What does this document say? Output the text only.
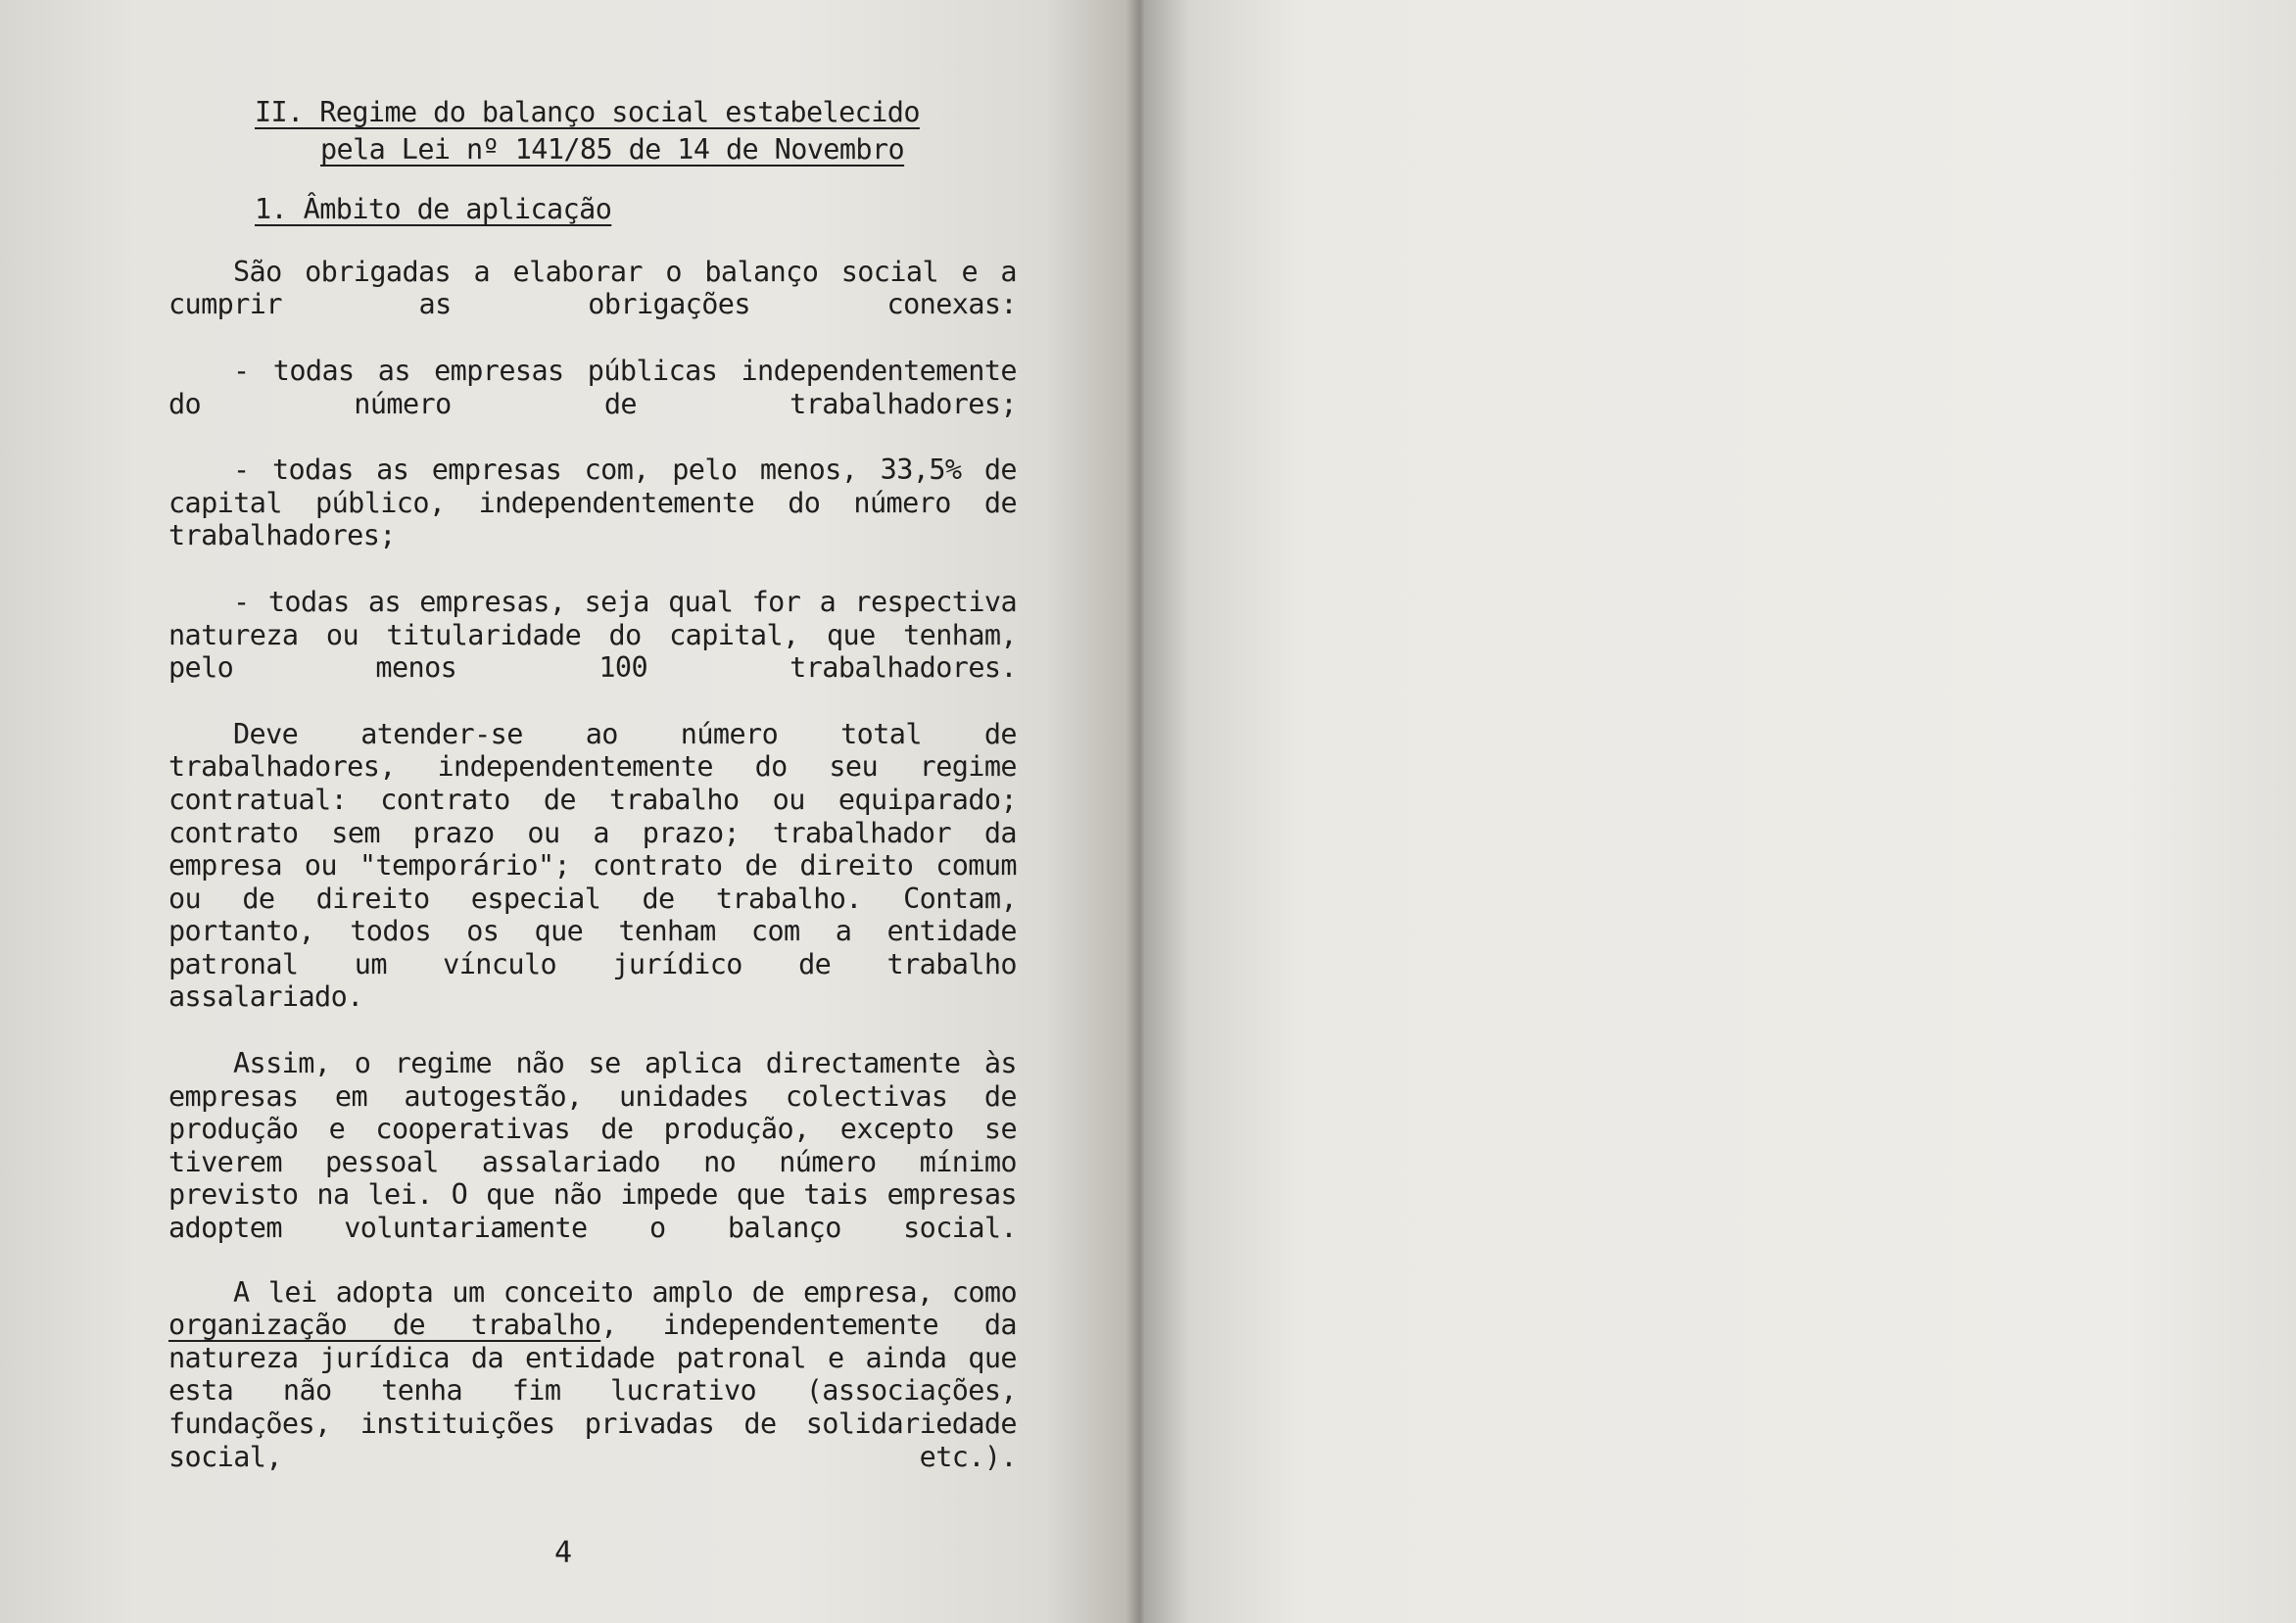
II. Regime do balanço social estabelecido

pela Lei nº 141/85 de 14 de Novembro

1. Âmbito de aplicação

São obrigadas a elaborar o balanço social e a cumprir as obrigações conexas:

- todas as empresas públicas independentemente do número de trabalhadores;

- todas as empresas com, pelo menos, 33,5% de capital público, independentemente do número de trabalhadores;

- todas as empresas, seja qual for a respectiva natureza ou titularidade do capital, que tenham, pelo menos 100 trabalhadores.

Deve atender-se ao número total de trabalhadores, independentemente do seu regime contratual: contrato de trabalho ou equiparado; contrato sem prazo ou a prazo; trabalhador da empresa ou "temporário"; contrato de direito comum ou de direito especial de trabalho. Contam, portanto, todos os que tenham com a entidade patronal um vínculo jurídico de trabalho assalariado.

Assim, o regime não se aplica directamente às empresas em autogestão, unidades colectivas de produção e cooperativas de produção, excepto se tiverem pessoal assalariado no número mínimo previsto na lei. O que não impede que tais empresas adoptem voluntariamente o balanço social.

A lei adopta um conceito amplo de empresa, como organização de trabalho, independentemente da natureza jurídica da entidade patronal e ainda que esta não tenha fim lucrativo (associações, fundações, instituições privadas de solidariedade social, etc.).

4
